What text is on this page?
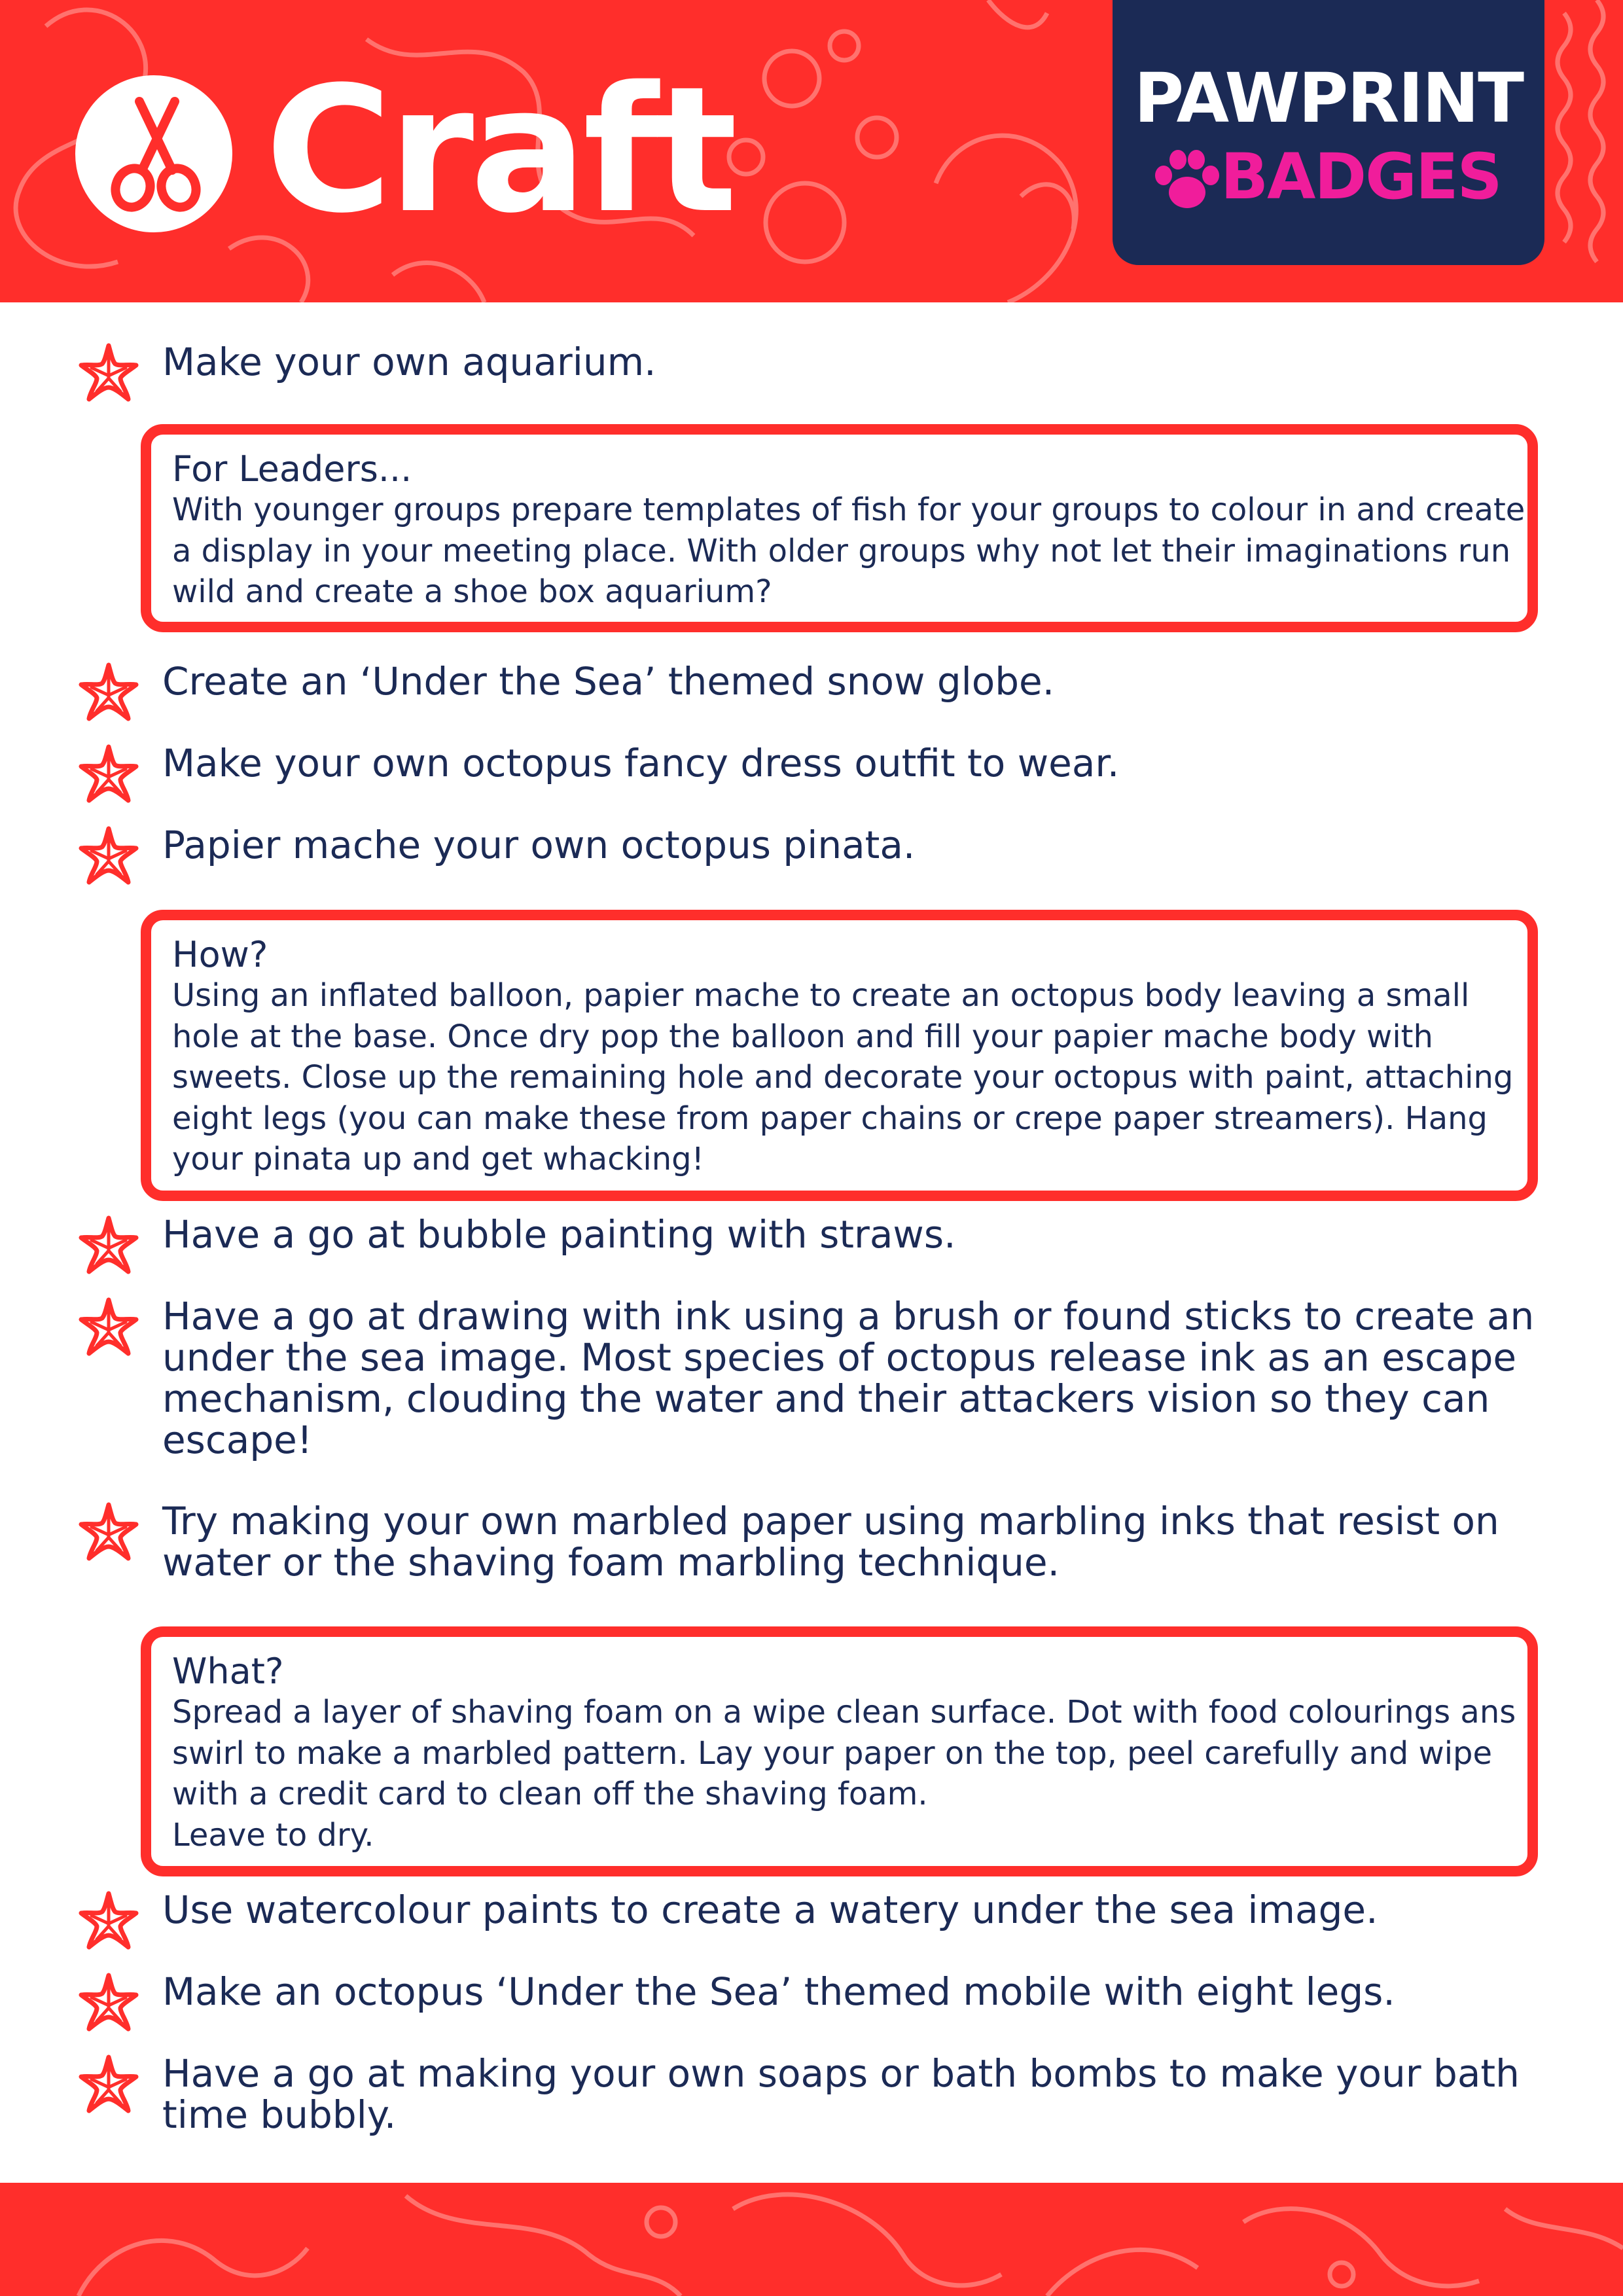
Craft	PAWPRINT
BADGES
Make your own aquarium.
For Leaders...
With younger groups prepare templates of fish for your groups to colour in and create a display in your meeting place. With older groups why not let their imaginations run wild and create a shoe box aquarium?
Create an ‘Under the Sea’ themed snow globe.
Make your own octopus fancy dress outfit to wear.
Papier mache your own octopus pinata.
How?
Using an inflated balloon, papier mache to create an octopus body leaving a small hole at the base. Once dry pop the balloon and fill your papier mache body with sweets. Close up the remaining hole and decorate your octopus with paint, attaching eight legs (you can make these from paper chains or crepe paper streamers). Hang your pinata up and get whacking!
Have a go at bubble painting with straws.
Have a go at drawing with ink using a brush or found sticks to create an under the sea image. Most species of octopus release ink as an escape mechanism, clouding the water and their attackers vision so they can escape!
Try making your own marbled paper using marbling inks that resist on water or the shaving foam marbling technique.
What?
Spread a layer of shaving foam on a wipe clean surface. Dot with food colourings ans swirl to make a marbled pattern. Lay your paper on the top, peel carefully and wipe with a credit card to clean off the shaving foam.
Leave to dry.
Use watercolour paints to create a watery under the sea image.
Make an octopus ‘Under the Sea’ themed mobile with eight legs.
Have a go at making your own soaps or bath bombs to make your bath time bubbly.
